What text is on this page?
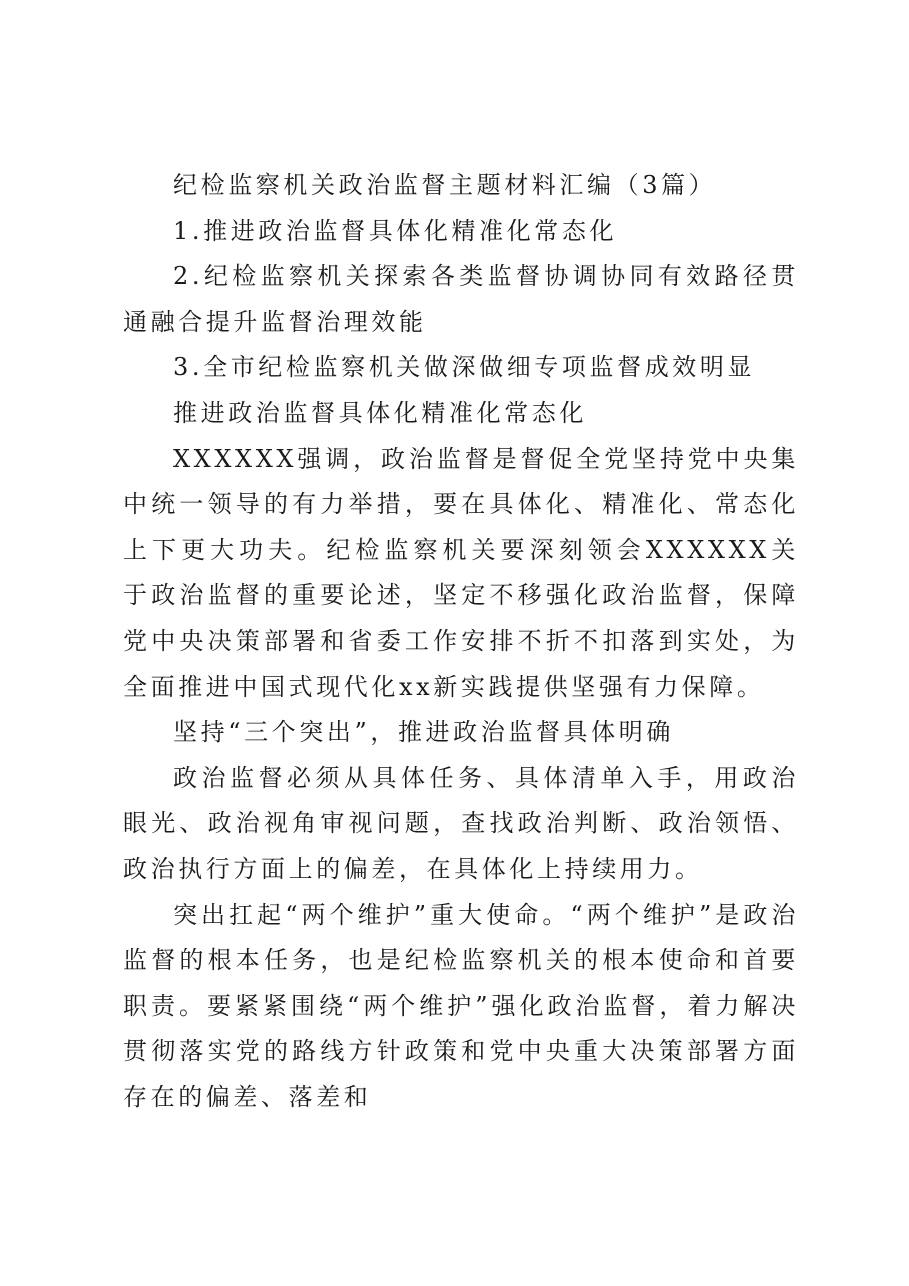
纪检监察机关政治监督主题材料汇编（3篇）

1.推进政治监督具体化精准化常态化

2.纪检监察机关探索各类监督协调协同有效路径贯通融合提升监督治理效能

3.全市纪检监察机关做深做细专项监督成效明显

推进政治监督具体化精准化常态化

XXXXXX强调，政治监督是督促全党坚持党中央集中统一领导的有力举措，要在具体化、精准化、常态化上下更大功夫。纪检监察机关要深刻领会XXXXXX关于政治监督的重要论述，坚定不移强化政治监督，保障党中央决策部署和省委工作安排不折不扣落到实处，为全面推进中国式现代化xx新实践提供坚强有力保障。

坚持“三个突出”，推进政治监督具体明确

政治监督必须从具体任务、具体清单入手，用政治眼光、政治视角审视问题，查找政治判断、政治领悟、政治执行方面上的偏差，在具体化上持续用力。

突出扛起“两个维护”重大使命。“两个维护”是政治监督的根本任务，也是纪检监察机关的根本使命和首要职责。要紧紧围绕“两个维护”强化政治监督，着力解决贯彻落实党的路线方针政策和党中央重大决策部署方面存在的偏差、落差和
